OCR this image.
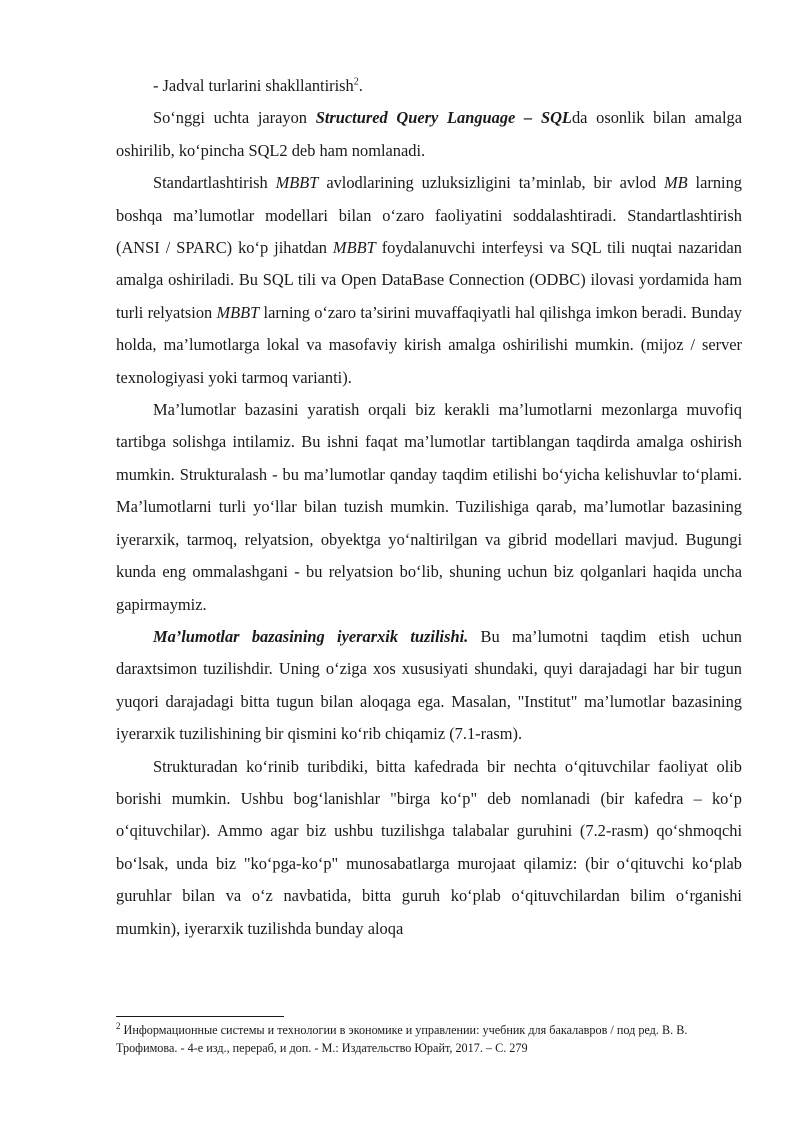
- Jadval turlarini shakllantirish$^2$.

So‘nggi uchta jarayon Structured Query Language – SQLda osonlik bilan amalga oshirilib, ko‘pincha SQL2 deb ham nomlanadi.

Standartlashtirish MBBT avlodlarining uzluksizligini ta’minlab, bir avlod MB larning boshqa ma’lumotlar modellari bilan o‘zaro faoliyatini soddalashtiradi. Standartlashtirish (ANSI / SPARC) ko‘p jihatdan MBBT foydalanuvchi interfeysi va SQL tili nuqtai nazaridan amalga oshiriladi. Bu SQL tili va Open DataBase Connection (ODBC) ilovasi yordamida ham turli relyatsion MBBT larning o‘zaro ta’sirini muvaffaqiyatli hal qilishga imkon beradi. Bunday holda, ma’lumotlarga lokal va masofaviy kirish amalga oshirilishi mumkin. (mijoz / server texnologiyasi yoki tarmoq varianti).

Ma’lumotlar bazasini yaratish orqali biz kerakli ma’lumotlarni mezonlarga muvofiq tartibga solishga intilamiz. Bu ishni faqat ma’lumotlar tartiblangan taqdirda amalga oshirish mumkin. Strukturalash - bu ma’lumotlar qanday taqdim etilishi bo‘yicha kelishuvlar to‘plami. Ma’lumotlarni turli yo‘llar bilan tuzish mumkin. Tuzilishiga qarab, ma’lumotlar bazasining iyerarxik, tarmoq, relyatsion, obyektga yo‘naltirilgan va gibrid modellari mavjud. Bugungi kunda eng ommalashgani - bu relyatsion bo‘lib, shuning uchun biz qolganlari haqida uncha gapirmaymiz.

Ma’lumotlar bazasining iyerarxik tuzilishi. Bu ma’lumotni taqdim etish uchun daraxtsimon tuzilishdir. Uning o‘ziga xos xususiyati shundaki, quyi darajadagi har bir tugun yuqori darajadagi bitta tugun bilan aloqaga ega. Masalan, "Institut" ma’lumotlar bazasining iyerarxik tuzilishining bir qismini ko‘rib chiqamiz (7.1-rasm).

Strukturadan ko‘rinib turibdiki, bitta kafedrada bir nechta o‘qituvchilar faoliyat olib borishi mumkin. Ushbu bog‘lanishlar "birga ko‘p" deb nomlanadi (bir kafedra – ko‘p o‘qituvchilar). Ammo agar biz ushbu tuzilishga talabalar guruhini (7.2-rasm) qo‘shmoqchi bo‘lsak, unda biz "ko‘pga-ko‘p" munosabatlarga murojaat qilamiz: (bir o‘qituvchi ko‘plab guruhlar bilan va o‘z navbatida, bitta guruh ko‘plab o‘qituvchilardan bilim o‘rganishi mumkin), iyerarxik tuzilishda bunday aloqa

$^2$ Информационные системы и технологии в экономике и управлении: учебник для бакалавров / под ред. В. В. Трофимова. - 4-е изд., перераб, и доп. - М.: Издательство Юрайт, 2017. – С. 279
